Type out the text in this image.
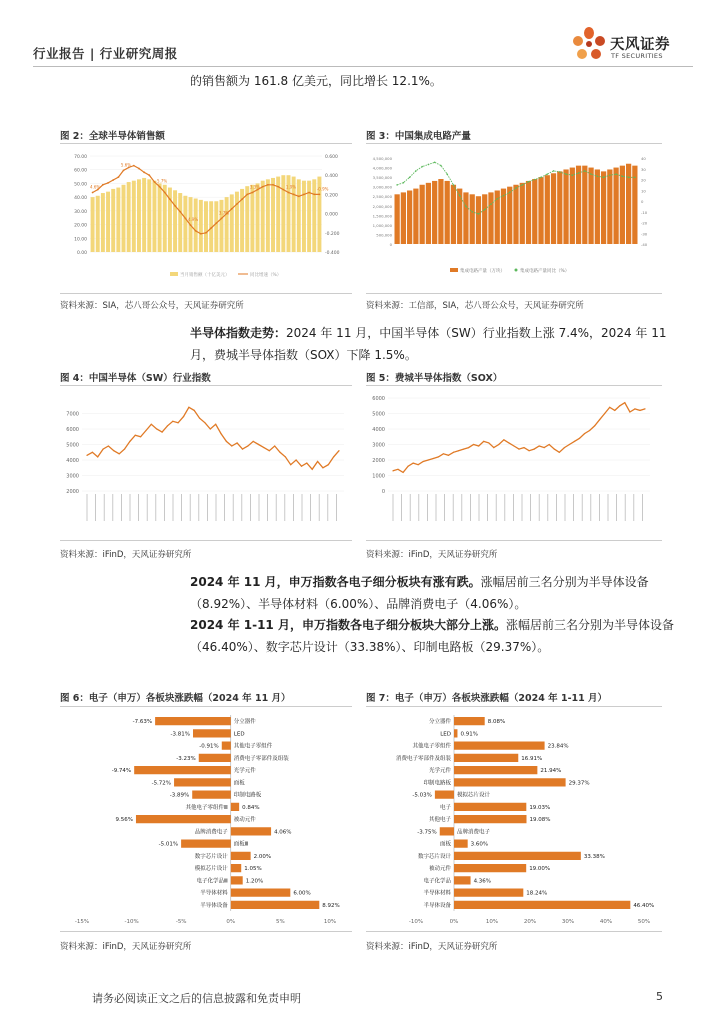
行业报告 | 行业研究周报
天风证券
TF SECURITIES
的销售额为 161.8 亿美元，同比增长 12.1%。
图 2：全球半导体销售额
0.00
10.00
20.00
30.00
40.00
50.00
60.00
70.00
-0.400
-0.200
0.000
0.200
0.400
0.600
4.6%
5.6%
5.7%
4.9%
3.7%
3.3%	1.9%	-0.9%
当月销售额（十亿美元）	同比增速（%）
资料来源：SIA，芯八哥公众号，天风证券研究所
图 3：中国集成电路产量
0
500,000
1,000,000
1,500,000
2,000,000
2,500,000
3,000,000
3,500,000
4,000,000
4,500,000
-40
-30
-20
-10
0
10
20
30
40
集成电路产量（万块）	集成电路产量同比（%）
资料来源：工信部，SIA，芯八哥公众号，天风证券研究所
半导体指数走势：2024 年 11 月，中国半导体（SW）行业指数上涨 7.4%，2024 年 11 月，费城半导体指数（SOX）下降 1.5%。
图 4：中国半导体（SW）行业指数
2000
3000
4000
5000
6000
7000
资料来源：iFinD，天风证券研究所
图 5：费城半导体指数（SOX）
0
1000
2000
3000
4000
5000
6000
资料来源：iFinD，天风证券研究所
2024 年 11 月，申万指数各电子细分板块有涨有跌。涨幅居前三名分别为半导体设备（8.92%）、半导体材料（6.00%）、品牌消费电子（4.06%）。
2024 年 1-11 月，申万指数各电子细分板块大部分上涨。涨幅居前三名分别为半导体设备（46.40%）、数字芯片设计（33.38%）、印制电路板（29.37%）。
图 6：电子（申万）各板块涨跌幅（2024 年 11 月）
-15%	-10%	-5%	0%	5%	10%
分立器件
-7.63%
LED
-3.81%
其他电子零组件
-0.91%
消费电子零部件及组装
-3.23%
光学元件
-9.74%
面板
-5.72%
印制电路板
-3.89%
其他电子零组件Ⅲ	0.84%
被动元件
9.56%
品牌消费电子	4.06%
面板Ⅲ
-5.01%
数字芯片设计	2.00%
模拟芯片设计	1.05%
电子化学品Ⅲ	1.20%
半导体材料	6.00%
半导体设备	8.92%
资料来源：iFinD，天风证券研究所
图 7：电子（申万）各板块涨跌幅（2024 年 1-11 月）
-10%	0%	10%	20%	30%	40%	50%
分立器件	8.08%
LED 0.91%
其他电子零组件	23.84%
消费电子零部件及组装	16.91%
光学元件	21.94%
印制电路板	29.37%
模拟芯片设计
-5.03%
电子	19.03%
其他电子	19.08%
品牌消费电子
-3.75%
面板	3.60%
数字芯片设计	33.38%
被动元件	19.00%
电子化学品	4.36%
半导体材料	18.24%
半导体设备	46.40%
资料来源：iFinD，天风证券研究所
请务必阅读正文之后的信息披露和免责申明	5
